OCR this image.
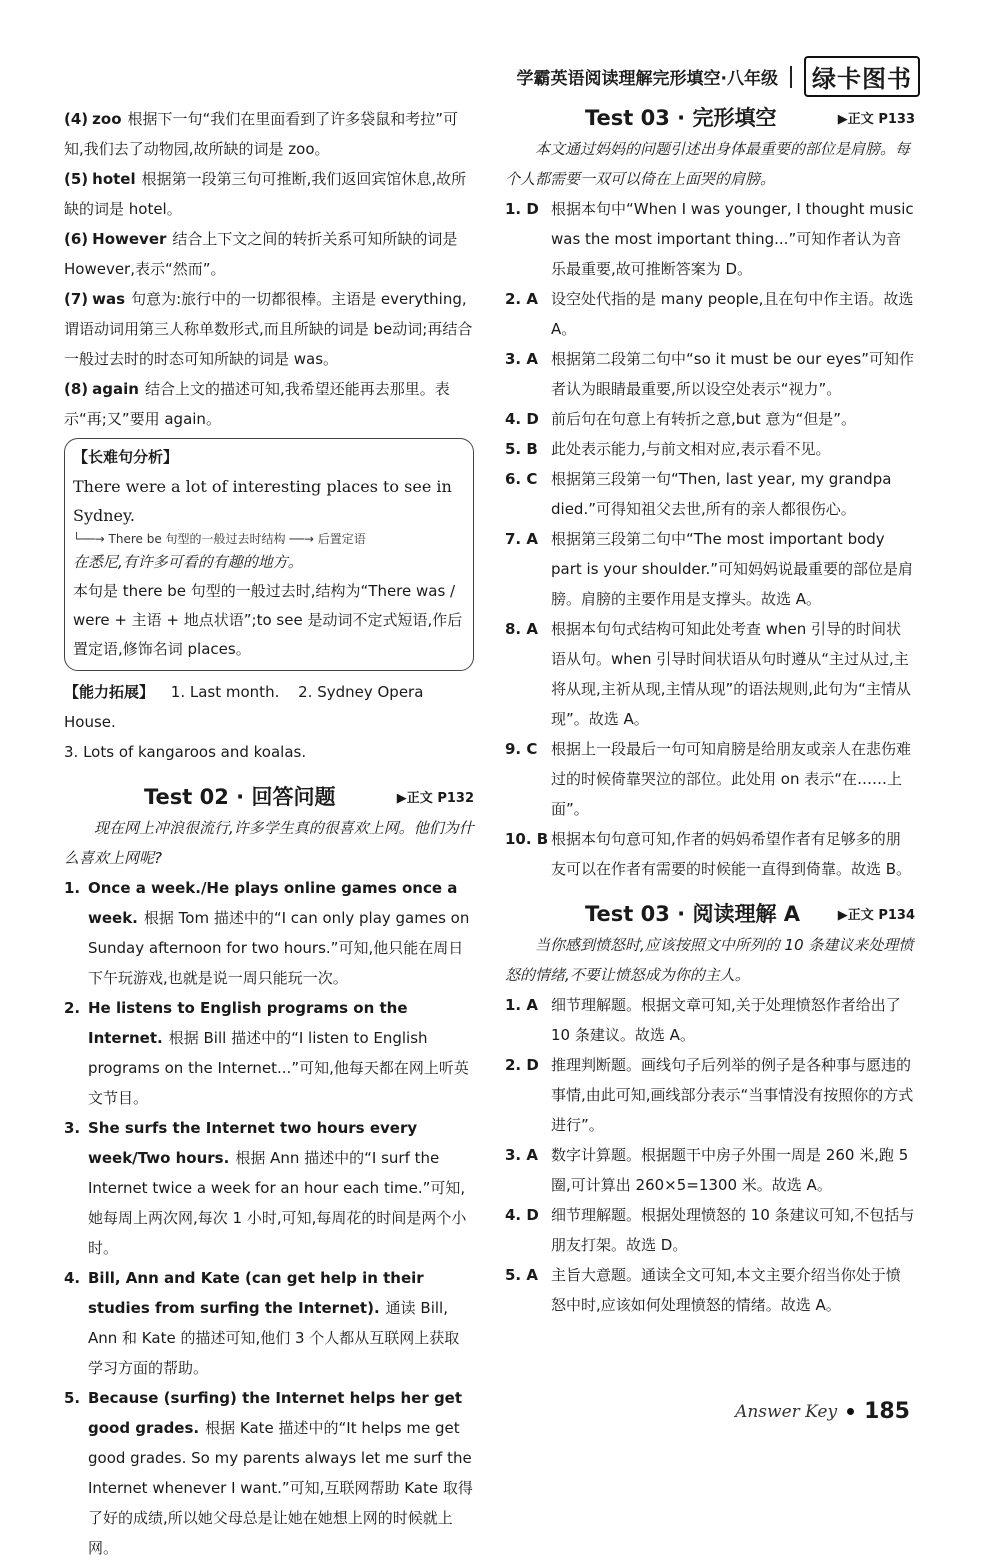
学霸英语阅读理解完形填空·八年级	绿卡图书
(4) zoo 根据下一句“我们在里面看到了许多袋鼠和考拉”可知,我们去了动物园,故所缺的词是 zoo。
(5) hotel 根据第一段第三句可推断,我们返回宾馆休息,故所缺的词是 hotel。
(6) However 结合上下文之间的转折关系可知所缺的词是 However,表示“然而”。
(7) was 句意为:旅行中的一切都很棒。主语是 everything,谓语动词用第三人称单数形式,而且所缺的词是 be动词;再结合一般过去时的时态可知所缺的词是 was。
(8) again 结合上文的描述可知,我希望还能再去那里。表示“再;又”要用 again。
【长难句分析】
There were a lot of interesting places to see in Sydney.
└──→ There be 句型的一般过去时结构 ──→ 后置定语
在悉尼,有许多可看的有趣的地方。
本句是 there be 句型的一般过去时,结构为“There was / were + 主语 + 地点状语”;to see 是动词不定式短语,作后置定语,修饰名词 places。
【能力拓展】 1. Last month. 2. Sydney Opera House.
3. Lots of kangaroos and koalas.
Test 02 · 回答问题	▶正文 P132
现在网上冲浪很流行,许多学生真的很喜欢上网。他们为什么喜欢上网呢?
1. Once a week./He plays online games once a week. 根据 Tom 描述中的“I can only play games on Sunday afternoon for two hours.”可知,他只能在周日下午玩游戏,也就是说一周只能玩一次。
2. He listens to English programs on the Internet. 根据 Bill 描述中的“I listen to English programs on the Internet...”可知,他每天都在网上听英文节目。
3. She surfs the Internet two hours every week/Two hours. 根据 Ann 描述中的“I surf the Internet twice a week for an hour each time.”可知,她每周上两次网,每次 1 小时,可知,每周花的时间是两个小时。
4. Bill, Ann and Kate (can get help in their studies from surfing the Internet). 通读 Bill, Ann 和 Kate 的描述可知,他们 3 个人都从互联网上获取学习方面的帮助。
5. Because (surfing) the Internet helps her get good grades. 根据 Kate 描述中的“It helps me get good grades. So my parents always let me surf the Internet whenever I want.”可知,互联网帮助 Kate 取得了好的成绩,所以她父母总是让她在她想上网的时候就上网。
Test 03 · 完形填空	▶正文 P133
本文通过妈妈的问题引述出身体最重要的部位是肩膀。每个人都需要一双可以倚在上面哭的肩膀。
1. D 根据本句中“When I was younger, I thought music was the most important thing...”可知作者认为音乐最重要,故可推断答案为 D。
2. A 设空处代指的是 many people,且在句中作主语。故选 A。
3. A 根据第二段第二句中“so it must be our eyes”可知作者认为眼睛最重要,所以设空处表示“视力”。
4. D 前后句在句意上有转折之意,but 意为“但是”。
5. B 此处表示能力,与前文相对应,表示看不见。
6. C 根据第三段第一句“Then, last year, my grandpa died.”可得知祖父去世,所有的亲人都很伤心。
7. A 根据第三段第二句中“The most important body part is your shoulder.”可知妈妈说最重要的部位是肩膀。肩膀的主要作用是支撑头。故选 A。
8. A 根据本句句式结构可知此处考查 when 引导的时间状语从句。when 引导时间状语从句时遵从“主过从过,主将从现,主祈从现,主情从现”的语法规则,此句为“主情从现”。故选 A。
9. C 根据上一段最后一句可知肩膀是给朋友或亲人在悲伤难过的时候倚靠哭泣的部位。此处用 on 表示“在……上面”。
10. B 根据本句句意可知,作者的妈妈希望作者有足够多的朋友可以在作者有需要的时候能一直得到倚靠。故选 B。
Test 03 · 阅读理解 A	▶正文 P134
当你感到愤怒时,应该按照文中所列的 10 条建议来处理愤怒的情绪,不要让愤怒成为你的主人。
1. A 细节理解题。根据文章可知,关于处理愤怒作者给出了 10 条建议。故选 A。
2. D 推理判断题。画线句子后列举的例子是各种事与愿违的事情,由此可知,画线部分表示“当事情没有按照你的方式进行”。
3. A 数字计算题。根据题干中房子外围一周是 260 米,跑 5 圈,可计算出 260×5=1300 米。故选 A。
4. D 细节理解题。根据处理愤怒的 10 条建议可知,不包括与朋友打架。故选 D。
5. A 主旨大意题。通读全文可知,本文主要介绍当你处于愤怒中时,应该如何处理愤怒的情绪。故选 A。
Answer Key 185
